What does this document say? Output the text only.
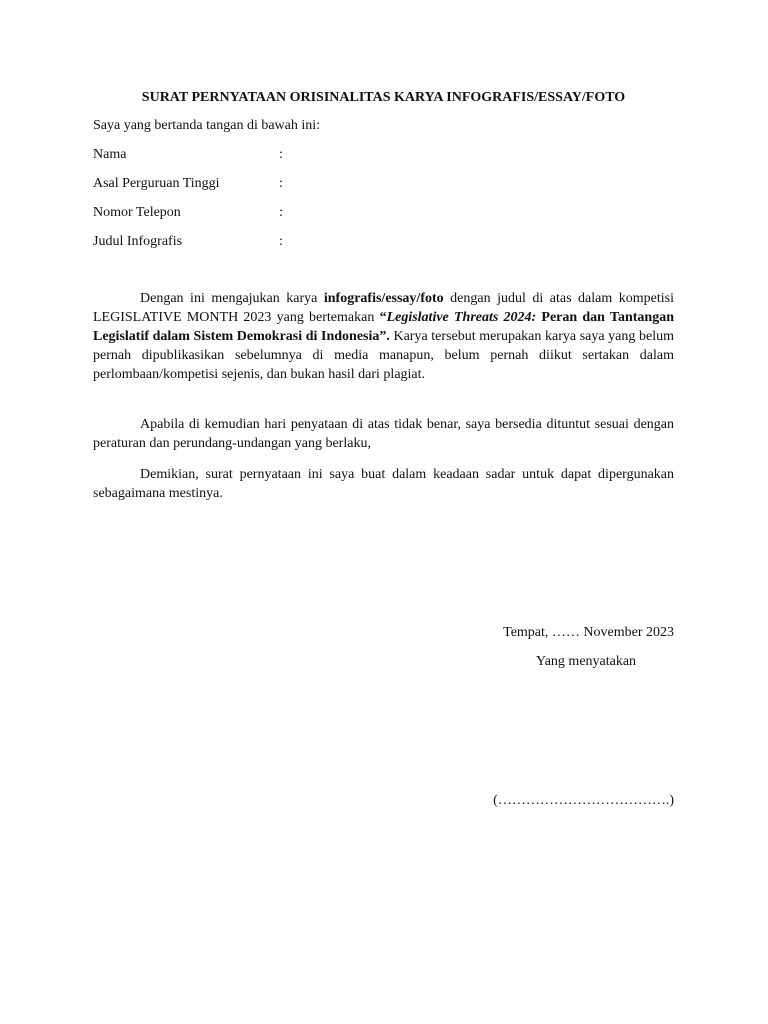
SURAT PERNYATAAN ORISINALITAS KARYA INFOGRAFIS/ESSAY/FOTO
Saya yang bertanda tangan di bawah ini:
Nama	:
Asal Perguruan Tinggi	:
Nomor Telepon	:
Judul Infografis	:

Dengan ini mengajukan karya infografis/essay/foto dengan judul di atas dalam kompetisi LEGISLATIVE MONTH 2023 yang bertemakan “Legislative Threats 2024: Peran dan Tantangan Legislatif dalam Sistem Demokrasi di Indonesia”. Karya tersebut merupakan karya saya yang belum pernah dipublikasikan sebelumnya di media manapun, belum pernah diikut sertakan dalam perlombaan/kompetisi sejenis, dan bukan hasil dari plagiat.

Apabila di kemudian hari penyataan di atas tidak benar, saya bersedia dituntut sesuai dengan peraturan dan perundang-undangan yang berlaku,

Demikian, surat pernyataan ini saya buat dalam keadaan sadar untuk dapat dipergunakan sebagaimana mestinya.

Tempat, …… November 2023
Yang menyatakan
(……………………………….)
